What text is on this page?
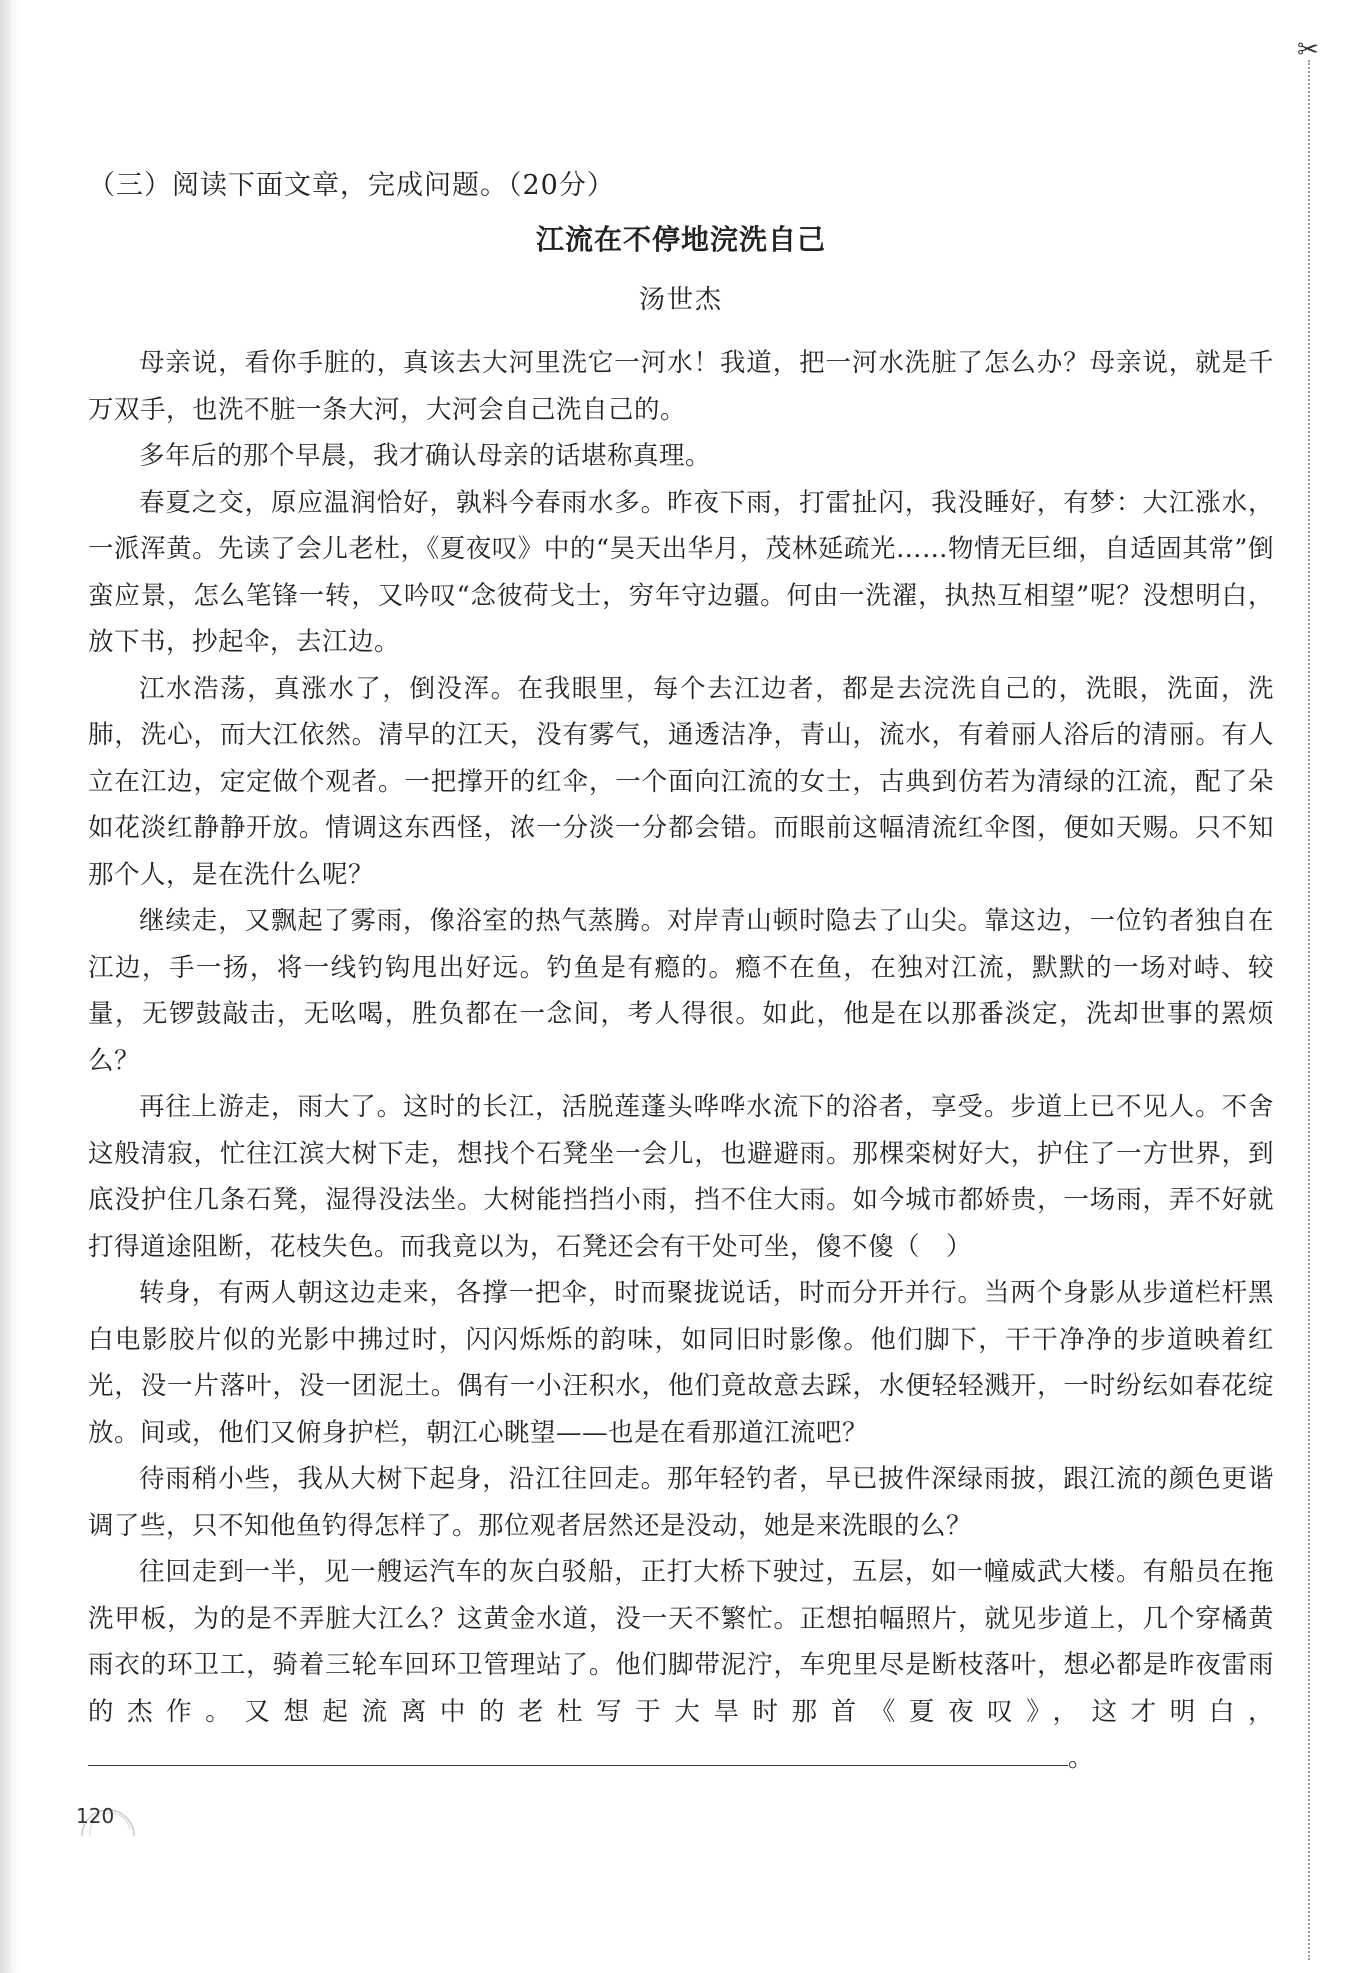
✂

（三）阅读下面文章，完成问题。（20分）

江流在不停地浣洗自己

汤世杰

母亲说，看你手脏的，真该去大河里洗它一河水！我道，把一河水洗脏了怎么办？母亲说，就是千万双手，也洗不脏一条大河，大河会自己洗自己的。

多年后的那个早晨，我才确认母亲的话堪称真理。

春夏之交，原应温润恰好，孰料今春雨水多。昨夜下雨，打雷扯闪，我没睡好，有梦：大江涨水，一派浑黄。先读了会儿老杜，《夏夜叹》中的“昊天出华月，茂林延疏光……物情无巨细，自适固其常”倒蛮应景，怎么笔锋一转，又吟叹“念彼荷戈士，穷年守边疆。何由一洗濯，执热互相望”呢？没想明白，放下书，抄起伞，去江边。

江水浩荡，真涨水了，倒没浑。在我眼里，每个去江边者，都是去浣洗自己的，洗眼，洗面，洗肺，洗心，而大江依然。清早的江天，没有雾气，通透洁净，青山，流水，有着丽人浴后的清丽。有人立在江边，定定做个观者。一把撑开的红伞，一个面向江流的女士，古典到仿若为清绿的江流，配了朵如花淡红静静开放。情调这东西怪，浓一分淡一分都会错。而眼前这幅清流红伞图，便如天赐。只不知那个人，是在洗什么呢？

继续走，又飘起了雾雨，像浴室的热气蒸腾。对岸青山顿时隐去了山尖。靠这边，一位钓者独自在江边，手一扬，将一线钓钩甩出好远。钓鱼是有瘾的。瘾不在鱼，在独对江流，默默的一场对峙、较量，无锣鼓敲击，无吆喝，胜负都在一念间，考人得很。如此，他是在以那番淡定，洗却世事的罴烦么？

再往上游走，雨大了。这时的长江，活脱莲蓬头哗哗水流下的浴者，享受。步道上已不见人。不舍这般清寂，忙往江滨大树下走，想找个石凳坐一会儿，也避避雨。那棵栾树好大，护住了一方世界，到底没护住几条石凳，湿得没法坐。大树能挡挡小雨，挡不住大雨。如今城市都娇贵，一场雨，弄不好就打得道途阻断，花枝失色。而我竟以为，石凳还会有干处可坐，傻不傻（　）

转身，有两人朝这边走来，各撑一把伞，时而聚拢说话，时而分开并行。当两个身影从步道栏杆黑白电影胶片似的光影中拂过时，闪闪烁烁的韵味，如同旧时影像。他们脚下，干干净净的步道映着红光，没一片落叶，没一团泥土。偶有一小汪积水，他们竟故意去踩，水便轻轻溅开，一时纷纭如春花绽放。间或，他们又俯身护栏，朝江心眺望——也是在看那道江流吧？

待雨稍小些，我从大树下起身，沿江往回走。那年轻钓者，早已披件深绿雨披，跟江流的颜色更谐调了些，只不知他鱼钓得怎样了。那位观者居然还是没动，她是来洗眼的么？

往回走到一半，见一艘运汽车的灰白驳船，正打大桥下驶过，五层，如一幢威武大楼。有船员在拖洗甲板，为的是不弄脏大江么？这黄金水道，没一天不繁忙。正想拍幅照片，就见步道上，几个穿橘黄雨衣的环卫工，骑着三轮车回环卫管理站了。他们脚带泥泞，车兜里尽是断枝落叶，想必都是昨夜雷雨的杰作。又想起流离中的老杜写于大旱时那首《夏夜叹》，这才明白，。

120
